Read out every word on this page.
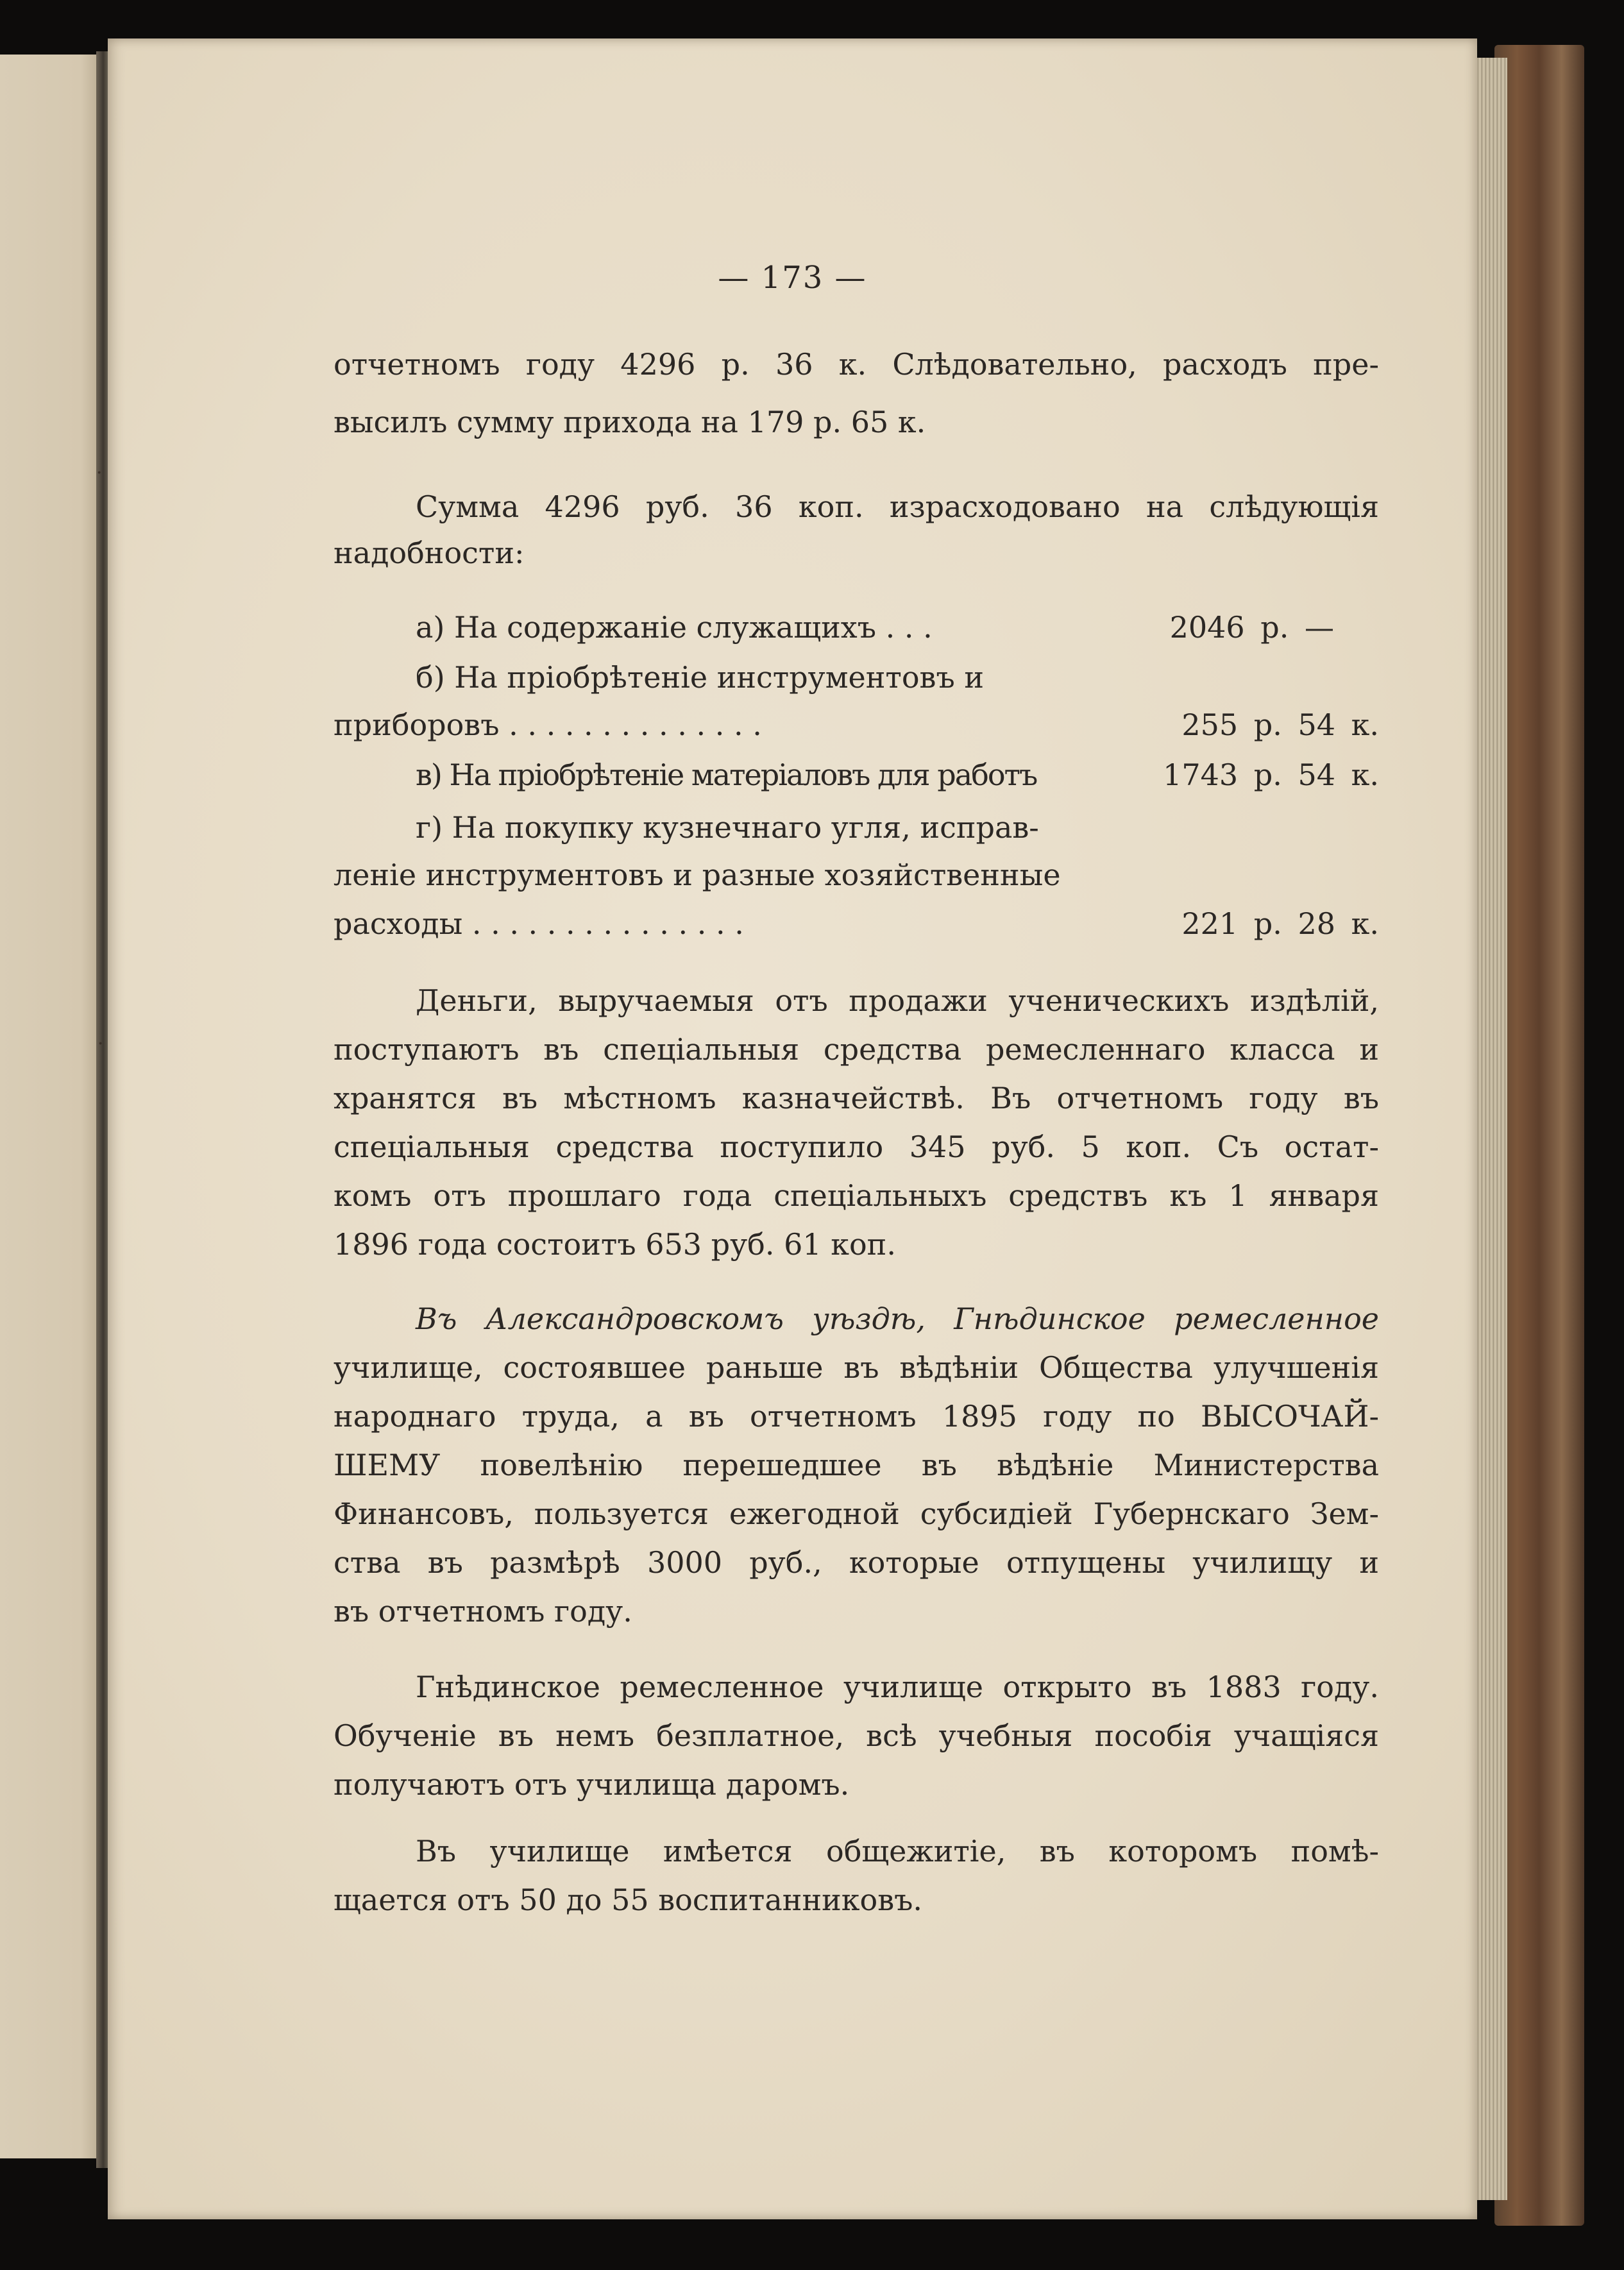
·
·
— 173 —
отчетномъ году 4296 р. 36 к. Слѣдовательно, расходъ пре-
высилъ сумму прихода на 179 р. 65 к.
Сумма 4296 руб. 36 коп. израсходовано на слѣдующія
надобности:
а) На содержаніе служащихъ . . .	2046 р. —
б) На пріобрѣтеніе инструментовъ и
приборовъ . . . . . . . . . . . . . .	255 р. 54 к.
в) На пріобрѣтеніе матеріаловъ для работъ	1743 р. 54 к.
г) На покупку кузнечнаго угля, исправ-
леніе инструментовъ и разные хозяйственные
расходы . . . . . . . . . . . . . . .	221 р. 28 к.
Деньги, выручаемыя отъ продажи ученическихъ издѣлій,
поступаютъ въ спеціальныя средства ремесленнаго класса и
хранятся въ мѣстномъ казначействѣ. Въ отчетномъ году въ
спеціальныя средства поступило 345 руб. 5 коп. Съ остат-
комъ отъ прошлаго года спеціальныхъ средствъ къ 1 января
1896 года состоитъ 653 руб. 61 коп.
Въ Александровскомъ уѣздѣ, Гнѣдинское ремесленное
училище, состоявшее раньше въ вѣдѣніи Общества улучшенія
народнаго труда, а въ отчетномъ 1895 году по ВЫСОЧАЙ-
ШЕМУ повелѣнію перешедшее въ вѣдѣніе Министерства
Финансовъ, пользуется ежегодной субсидіей Губернскаго Зем-
ства въ размѣрѣ 3000 руб., которые отпущены училищу и
въ отчетномъ году.
Гнѣдинское ремесленное училище открыто въ 1883 году.
Обученіе въ немъ безплатное, всѣ учебныя пособія учащіяся
получаютъ отъ училища даромъ.
Въ училище имѣется общежитіе, въ которомъ помѣ-
щается отъ 50 до 55 воспитанниковъ.
